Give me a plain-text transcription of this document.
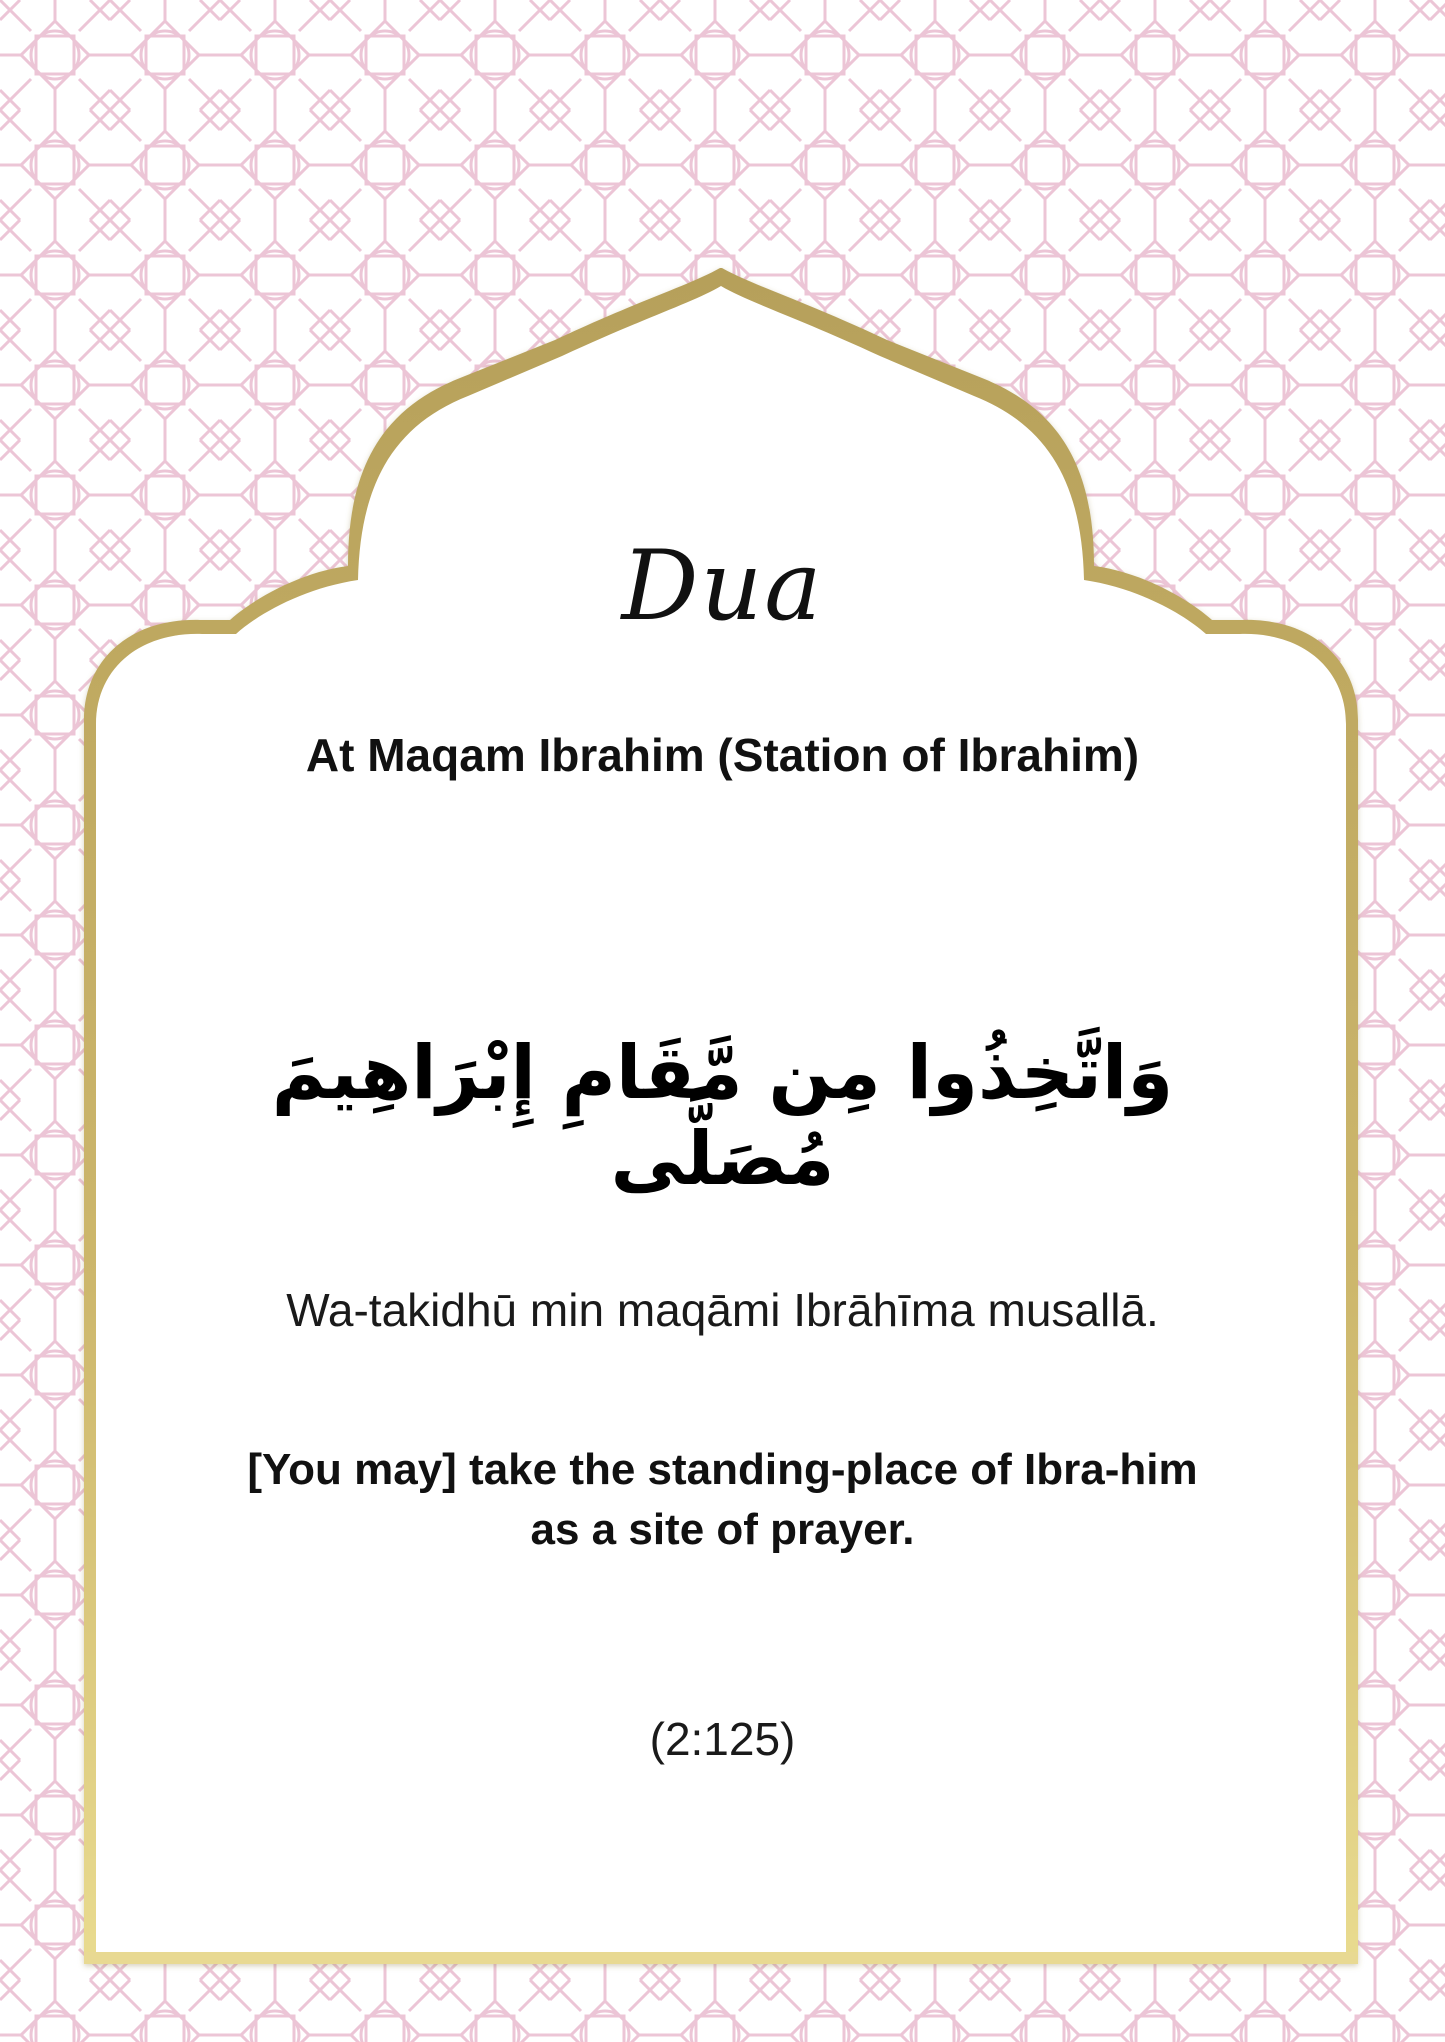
Dua
At Maqam Ibrahim (Station of Ibrahim)
وَاتَّخِذُوا مِن مَّقَامِ إِبْرَاهِيمَ مُصَلًّى
Wa-takidhū min maqāmi Ibrāhīma musallā.
[You may] take the standing-place of Ibra-him as a site of prayer.
(2:125)
